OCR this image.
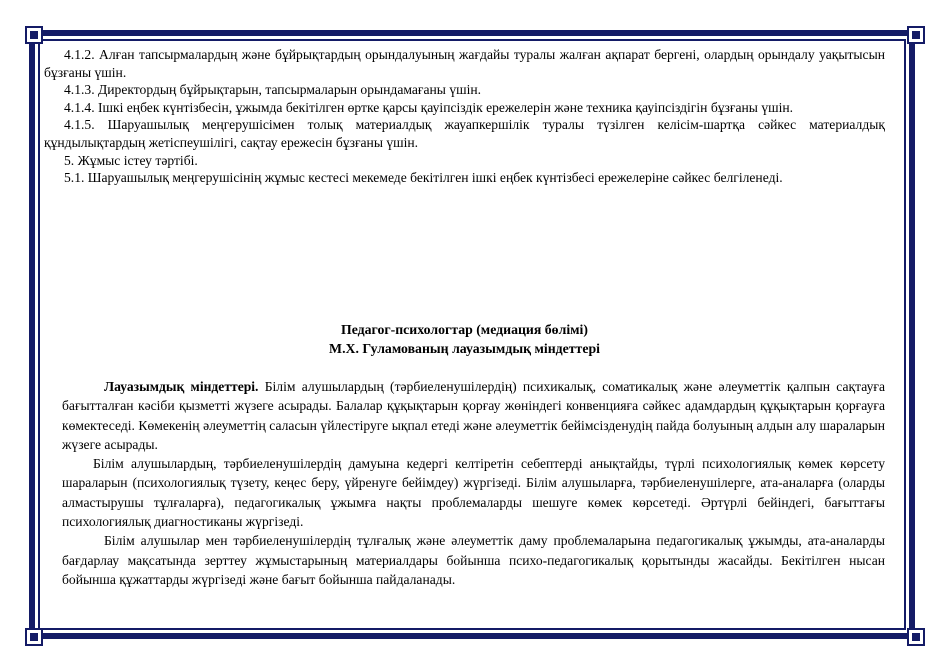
4.1.2. Алған тапсырмалардың және бұйрықтардың орындалуының жағдайы туралы жалған ақпарат бергені, олардың орындалу уақытысын бұзғаны үшін.

4.1.3. Директордың бұйрықтарын, тапсырмаларын орындамағаны үшін.

4.1.4. Ішкі еңбек күнтізбесін, ұжымда бекітілген өртке қарсы қауіпсіздік ережелерін және техника қауіпсіздігін бұзғаны үшін.

4.1.5. Шаруашылық меңгерушісімен толық материалдық жауапкершілік туралы түзілген келісім-шартқа сәйкес материалдық құндылықтардың жетіспеушілігі, сақтау ережесін бұзғаны үшін.

5. Жұмыс істеу тәртібі.

5.1. Шаруашылық меңгерушісінің жұмыс кестесі мекемеде бекітілген ішкі еңбек күнтізбесі ережелеріне сәйкес белгіленеді.

Педагог-психологтар (медиация бөлімі)
М.Х. Гуламованың лауазымдық міндеттері

Лауазымдық міндеттері. Білім алушылардың (тәрбиеленушілердің) психикалық, соматикалық және әлеуметтік қалпын сақтауға бағытталған кәсіби қызметті жүзеге асырады. Балалар құқықтарын қорғау жөніндегі конвенцияға сәйкес адамдардың құқықтарын қорғауға көмектеседі. Көмекенің әлеуметтің саласын үйлестіруге ықпал етеді және әлеуметтік бейімсізденудің пайда болуының алдын алу шараларын жүзеге асырады.

Білім алушылардың, тәрбиеленушілердің дамуына кедергі келтіретін себептерді анықтайды, түрлі психологиялық көмек көрсету шараларын (психологиялық түзету, кеңес беру, үйренуге бейімдеу) жүргізеді. Білім алушыларға, тәрбиеленушілерге, ата-аналарға (оларды алмастырушы тұлғаларға), педагогикалық ұжымға нақты проблемаларды шешуге көмек көрсетеді. Әртүрлі бейіндегі, бағыттағы психологиялық диагностиканы жүргізеді.

Білім алушылар мен тәрбиеленушілердің тұлғалық және әлеуметтік даму проблемаларына педагогикалық ұжымды, ата-аналарды бағдарлау мақсатында зерттеу жұмыстарының материалдары бойынша психо-педагогикалық қорытынды жасайды. Бекітілген нысан бойынша құжаттарды жүргізеді және бағыт бойынша пайдаланады.
